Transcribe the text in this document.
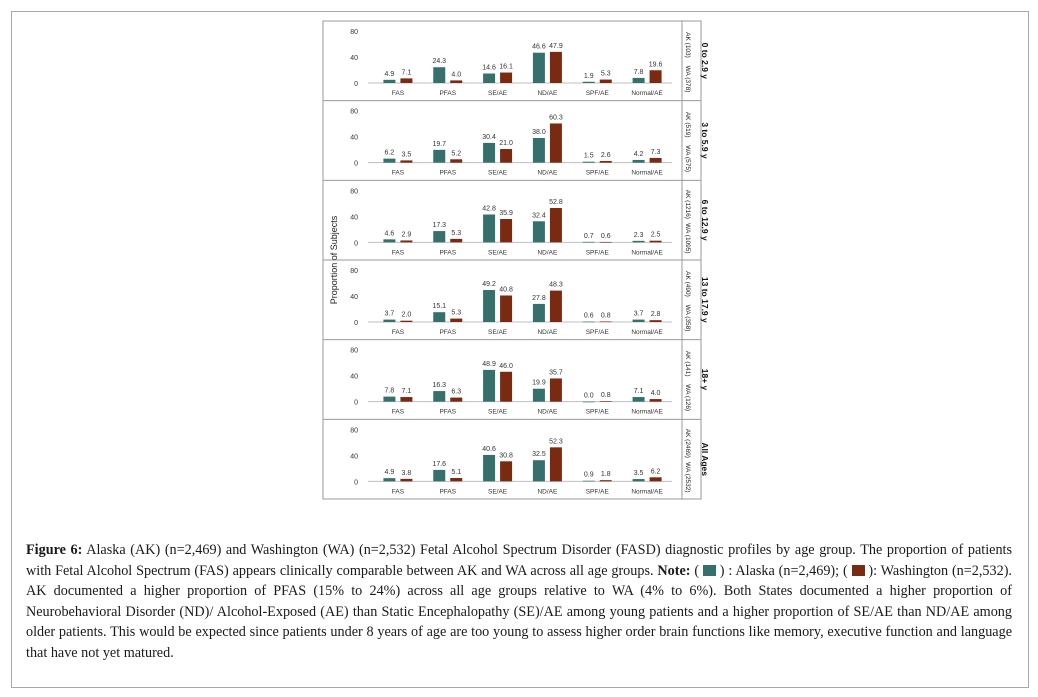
Proportion of Subjects
80
40
0
4.9 7.1
FAS
24.3
4.0
PFAS
14.6 16.1
SE/AE
46.6 47.9
ND/AE
1.9 5.3
SPF/AE
7.8
19.6
Normal/AE
0 to 2.9 y
AK (103)
WA (378)
80
40
0
6.2 3.5
FAS
19.7
5.2
PFAS
30.4
21.0
SE/AE
38.0
60.3
ND/AE
1.5 2.6
SPF/AE
4.2 7.3
Normal/AE
3 to 5.9 y
AK (519)
WA (575)
80
40
0
4.6 2.9
FAS
17.3
5.3
PFAS
42.8
35.9
SE/AE
32.4
52.8
ND/AE
0.7 0.6
SPF/AE
2.3 2.5
Normal/AE
6 to 12.9 y
AK (1216)
WA (1095)
80
40
0
3.7 2.0
FAS
15.1
5.3
PFAS
49.2
40.8
SE/AE
27.8
48.3
ND/AE
0.6 0.8
SPF/AE
3.7 2.8
Normal/AE
13 to 17.9 y
AK (490)
WA (358)
80
40
0
7.8 7.1
FAS
16.3
6.3
PFAS
48.9 46.0
SE/AE
19.9
35.7
ND/AE
0.0 0.8
SPF/AE
7.1 4.0
Normal/AE
18+ y
AK (141)
WA (126)
80
40
0
4.9 3.8
FAS
17.6
5.1
PFAS
40.6
30.8
SE/AE
32.5
52.3
ND/AE
0.9 1.8
SPF/AE
3.5 6.2
Normal/AE
All Ages
AK (2469)
WA (2532)

Figure 6: Alaska (AK) (n=2,469) and Washington (WA) (n=2,532) Fetal Alcohol Spectrum Disorder (FASD) diagnostic profiles by age group. The proportion of patients with Fetal Alcohol Spectrum (FAS) appears clinically comparable between AK and WA across all age groups. Note: (  ) : Alaska (n=2,469); (  ): Washington (n=2,532). AK documented a higher proportion of PFAS (15% to 24%) across all age groups relative to WA (4% to 6%). Both States documented a higher proportion of Neurobehavioral Disorder (ND)/ Alcohol-Exposed (AE) than Static Encephalopathy (SE)/AE among young patients and a higher proportion of SE/AE than ND/AE among older patients. This would be expected since patients under 8 years of age are too young to assess higher order brain functions like memory, executive function and language that have not yet matured.
